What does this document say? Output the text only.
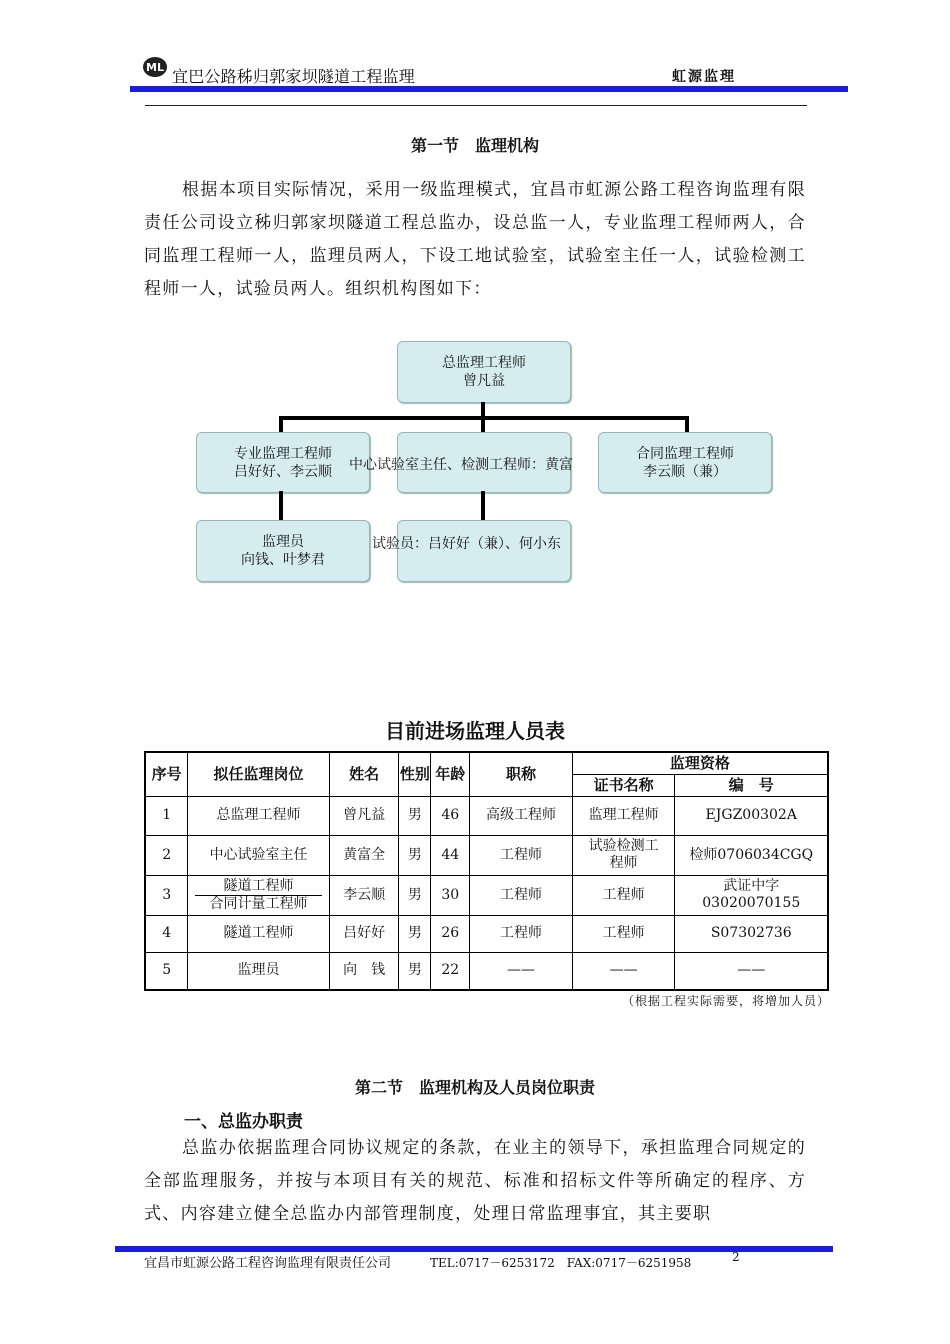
ML 宜巴公路秭归郭家坝隧道工程监理	虹源监理
第一节　监理机构
根据本项目实际情况，采用一级监理模式，宜昌市虹源公路工程咨询监理有限责任公司设立秭归郭家坝隧道工程总监办，设总监一人，专业监理工程师两人，合同监理工程师一人，监理员两人，下设工地试验室，试验室主任一人，试验检测工程师一人，试验员两人。组织机构图如下：
总监理工程师
曾凡益
专业监理工程师
吕好好、李云顺 中心试验室主任、检测工程师：黄富
合同监理工程师
李云顺（兼）
监理员
向钱、叶梦君
试验员：吕好好（兼）、何小东
目前进场监理人员表
序号	拟任监理岗位	姓名	性别	年龄	职称	监理资格	
						证书名称	编　号
1	总监理工程师	曾凡益	男	46	高级工程师	监理工程师	EJGZ00302A
2	中心试验室主任	黄富全	男	44	工程师	试验检测工程师	检师0706034CGQ
3	隧道工程师
合同计量工程师	李云顺	男	30	工程师	工程师	武证中字03020070155
4	隧道工程师	吕好好	男	26	工程师	工程师	S07302736
5	监理员	向　钱	男	22	——	——	——
（根据工程实际需要，将增加人员）
第二节　监理机构及人员岗位职责
一、总监办职责
总监办依据监理合同协议规定的条款，在业主的领导下，承担监理合同规定的全部监理服务，并按与本项目有关的规范、标准和招标文件等所确定的程序、方式、内容建立健全总监办内部管理制度，处理日常监理事宜，其主要职
宜昌市虹源公路工程咨询监理有限责任公司	TEL:0717－6253172　FAX:0717－6251958	2
